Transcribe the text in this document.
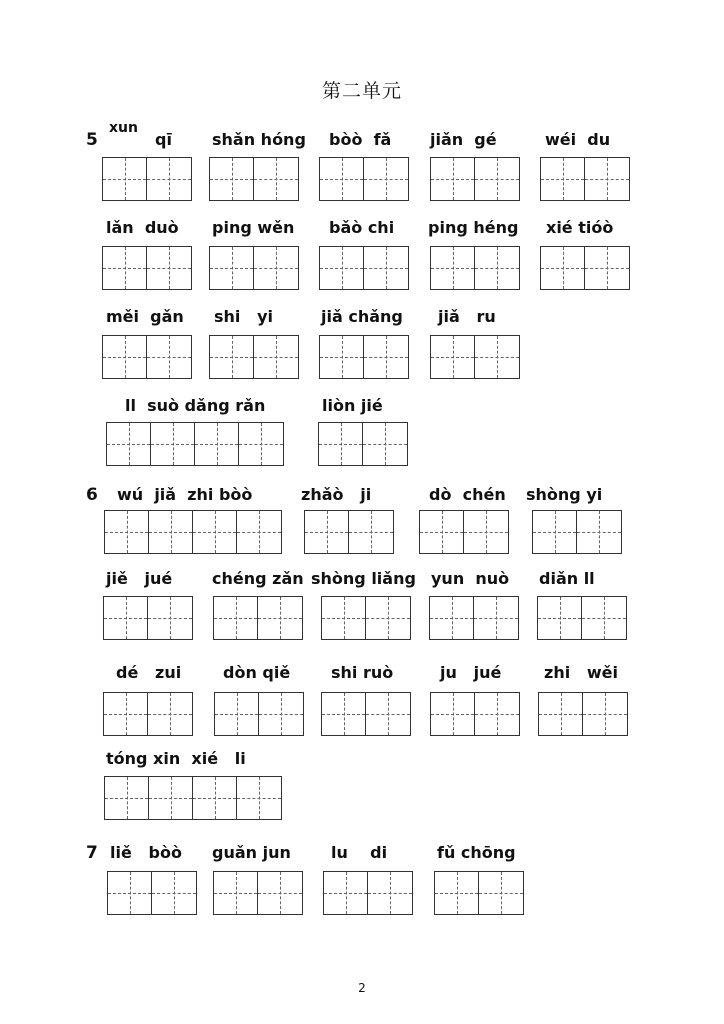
第二单元
5
6
7
xun
qī	shǎn hóng bòò  fǎ jiǎn  gé	wéi  du
lǎn  duò ping wěn bǎò chi ping héng xié tióò
měi  gǎn shi   yi	jiǎ chǎng jiǎ   ru
ll  suò dǎng rǎn	liòn jié
wú  jiǎ  zhi bòò	zhǎò   ji	dò  chén shòng yi
jiě   jué chéng zǎn shòng liǎng yun  nuò diǎn ll
dé   zui	dòn qiě	shi ruò	ju   jué	zhi   wěi
tóng xin  xié   li
liě   bòò guǎn jun	lu    di	fǔ chōng
2
